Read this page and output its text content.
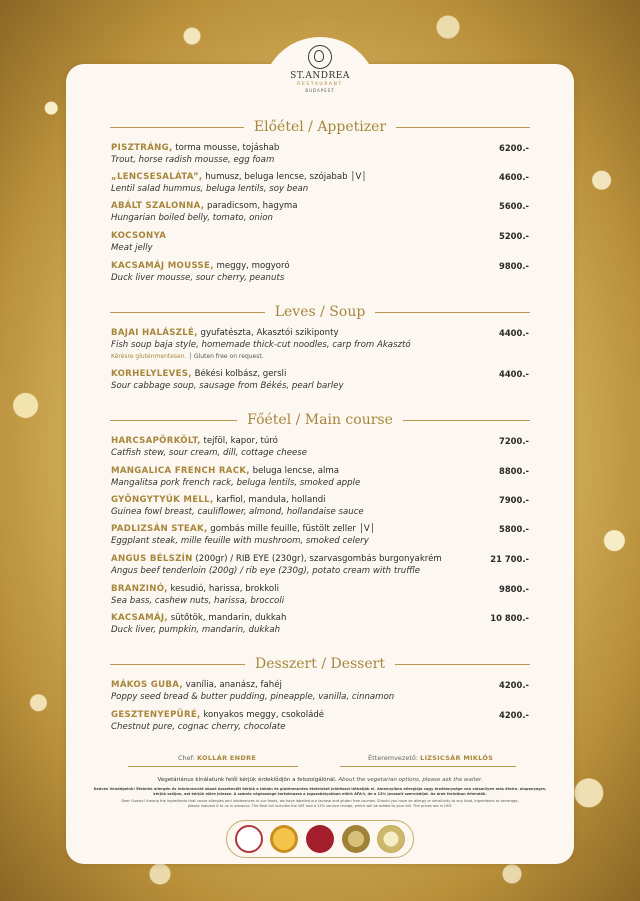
ST.ANDREA
RESTAURANT
BUDAPEST
Előétel / Appetizer
PISZTRÁNG, torma mousse, tojáshab	6200.-
Trout, horse radish mousse, egg foam
„LENCSESALÁTA”, humusz, beluga lencse, szójabab │V│	4600.-
Lentil salad hummus, beluga lentils, soy bean
ABÁLT SZALONNA, paradicsom, hagyma	5600.-
Hungarian boiled belly, tomato, onion
KOCSONYA	5200.-
Meat jelly
KACSAMÁJ MOUSSE, meggy, mogyoró	9800.-
Duck liver mousse, sour cherry, peanuts
Leves / Soup
BAJAI HALÁSZLÉ, gyufatészta, Akasztói szikiponty	4400.-
Fish soup baja style, homemade thick-cut noodles, carp from Akasztó
Kérésre gluténmentesen. │ Gluten free on request.
KORHELYLEVES, Békési kolbász, gersli	4400.-
Sour cabbage soup, sausage from Békés, pearl barley
Főétel / Main course
HARCSAPÖRKÖLT, tejföl, kapor, túró	7200.-
Catfish stew, sour cream, dill, cottage cheese
MANGALICA FRENCH RACK, beluga lencse, alma	8800.-
Mangalitsa pork french rack, beluga lentils, smoked apple
GYÖNGYTYÚK MELL, karfiol, mandula, hollandi	7900.-
Guinea fowl breast, cauliflower, almond, hollandaise sauce
PADLIZSÁN STEAK, gombás mille feuille, füstölt zeller │V│	5800.-
Eggplant steak, mille feuille with mushroom, smoked celery
ANGUS BÉLSZÍN (200gr) / RIB EYE (230gr), szarvasgombás burgonyakrém	21 700.-
Angus beef tenderloin (200g) / rib eye (230g), potato cream with truffle
BRANZINÓ, kesudió, harissa, brokkoli	9800.-
Sea bass, cashew nuts, harissa, broccoli
KACSAMÁJ, sütőtök, mandarin, dukkah	10 800.-
Duck liver, pumpkin, mandarin, dukkah
Desszert / Dessert
MÁKOS GUBA, vanília, ananász, fahéj	4200.-
Poppy seed bread & butter pudding, pineapple, vanilla, cinnamon
GESZTENYEPÜRÉ, konyakos meggy, csokoládé	4200.-
Chestnut pure, cognac cherry, chocolate
Chef: KOLLÁR ENDRE	Étteremvezető: LIZSICSÁR MIKLÓS
Vegetáriánus kínálatunk felől kérjük érdeklődjön a felszolgálónál. About the vegetarian options, please ask the waiter.
Kedves Vendégeink! Ételeink allergén és intoleranciát okozó összetevőit kérjük a táblán és gluténmentes ételeinket jelöléssel láthatják el. Amennyiben allergiája vagy érzékenysége van valamilyen más ételre, alapanyagra,
kérjük szóljon, azt kérjük előre jelezze. A számla végösszege tartalmazza a jogszabályokban előírt ÁFA-t, de a 13% javasolt szervízdíjat. Az árak forintban értendők.
Dear Guests! Among the ingredients that cause allergies and intolerances in our foods, we have labelled our lactose and gluten free courses. Should you have an allergy or sensitivity to any food, ingredients or beverage,
please indicate it to us in advance. The final bill includes the VAT and a 13% service charge, which will be added to your bill. The prices are in HUF.
